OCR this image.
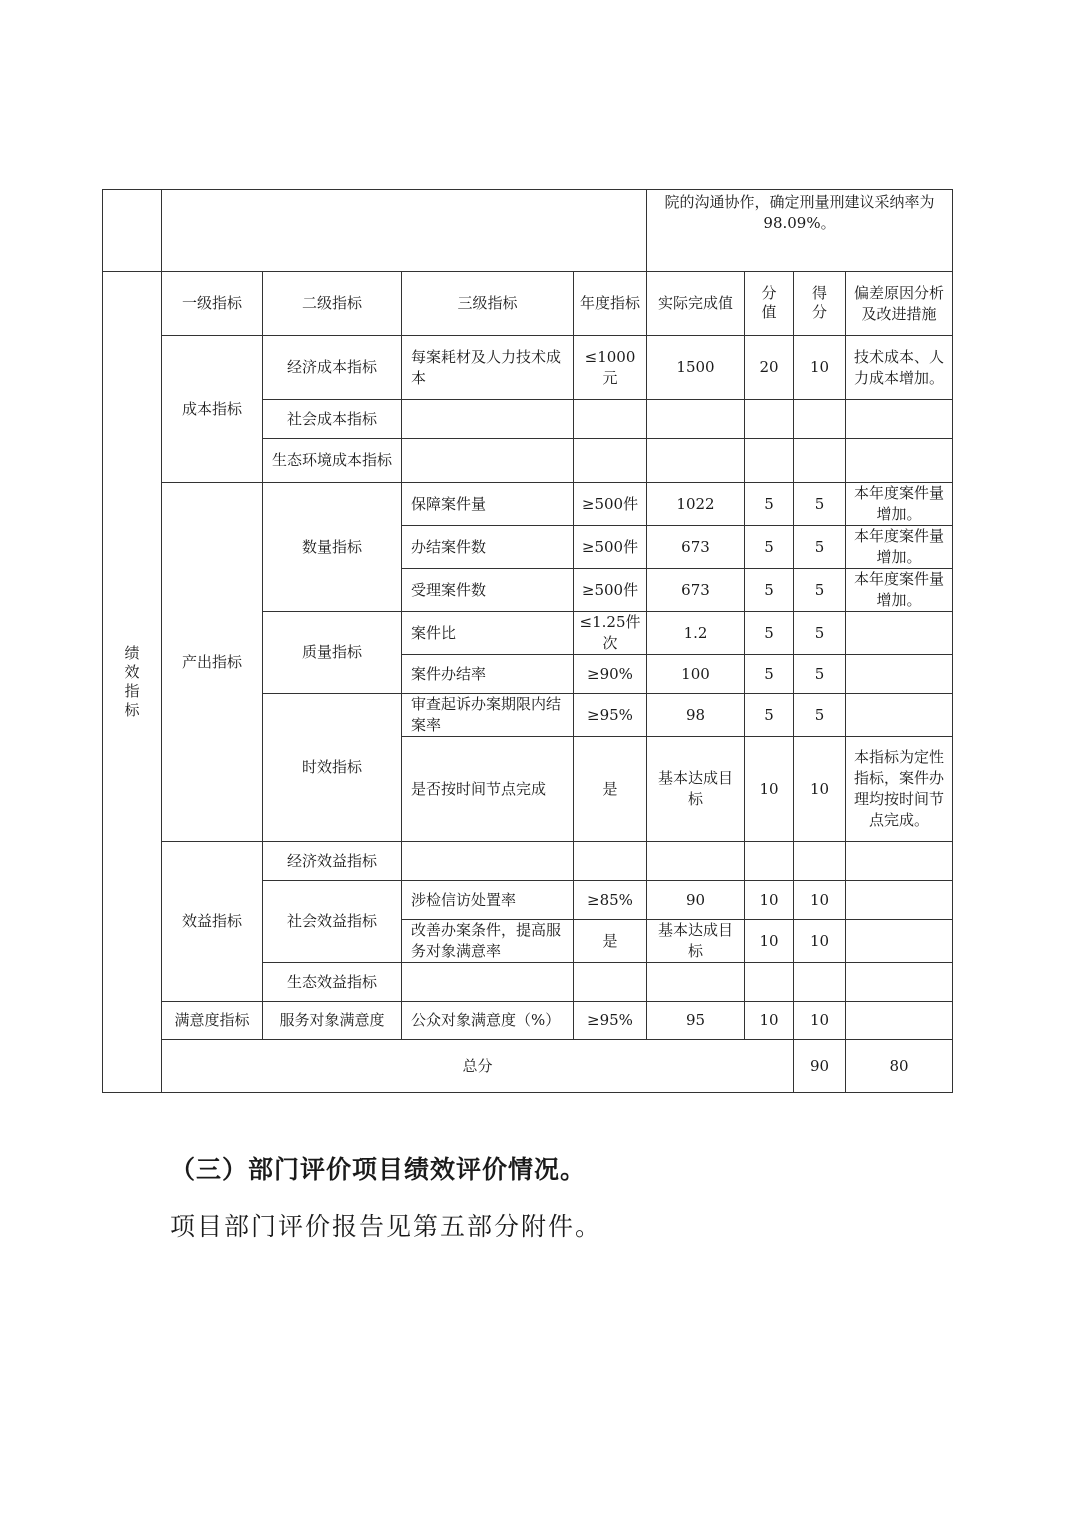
					院的沟通协作，确定刑量刑建议采纳率为98.09%。				
绩效指标	一级指标	二级指标	三级指标	年度指标	实际完成值	分值	得分	偏差原因分析及改进措施	
	成本指标	经济成本指标	每案耗材及人力技术成本	≤1000元	1500	20	10	技术成本、人力成本增加。	
		社会成本指标							
		生态环境成本指标							
	产出指标	数量指标	保障案件量	≥500件	1022	5	5	本年度案件量增加。	
			办结案件数	≥500件	673	5	5	本年度案件量增加。	
			受理案件数	≥500件	673	5	5	本年度案件量增加。	
		质量指标	案件比	≤1.25件次	1.2	5	5		
			案件办结率	≥90%	100	5	5		
		时效指标	审查起诉办案期限内结案率	≥95%	98	5	5		
			是否按时间节点完成	是	基本达成目标	10	10	本指标为定性指标，案件办理均按时间节点完成。	
	效益指标	经济效益指标							
		社会效益指标	涉检信访处置率	≥85%	90	10	10		
			改善办案条件，提高服务对象满意率	是	基本达成目标	10	10		
		生态效益指标							
	满意度指标	服务对象满意度	公众对象满意度（%）	≥95%	95	10	10		
	总分						90	80	
（三）部门评价项目绩效评价情况。

项目部门评价报告见第五部分附件。
